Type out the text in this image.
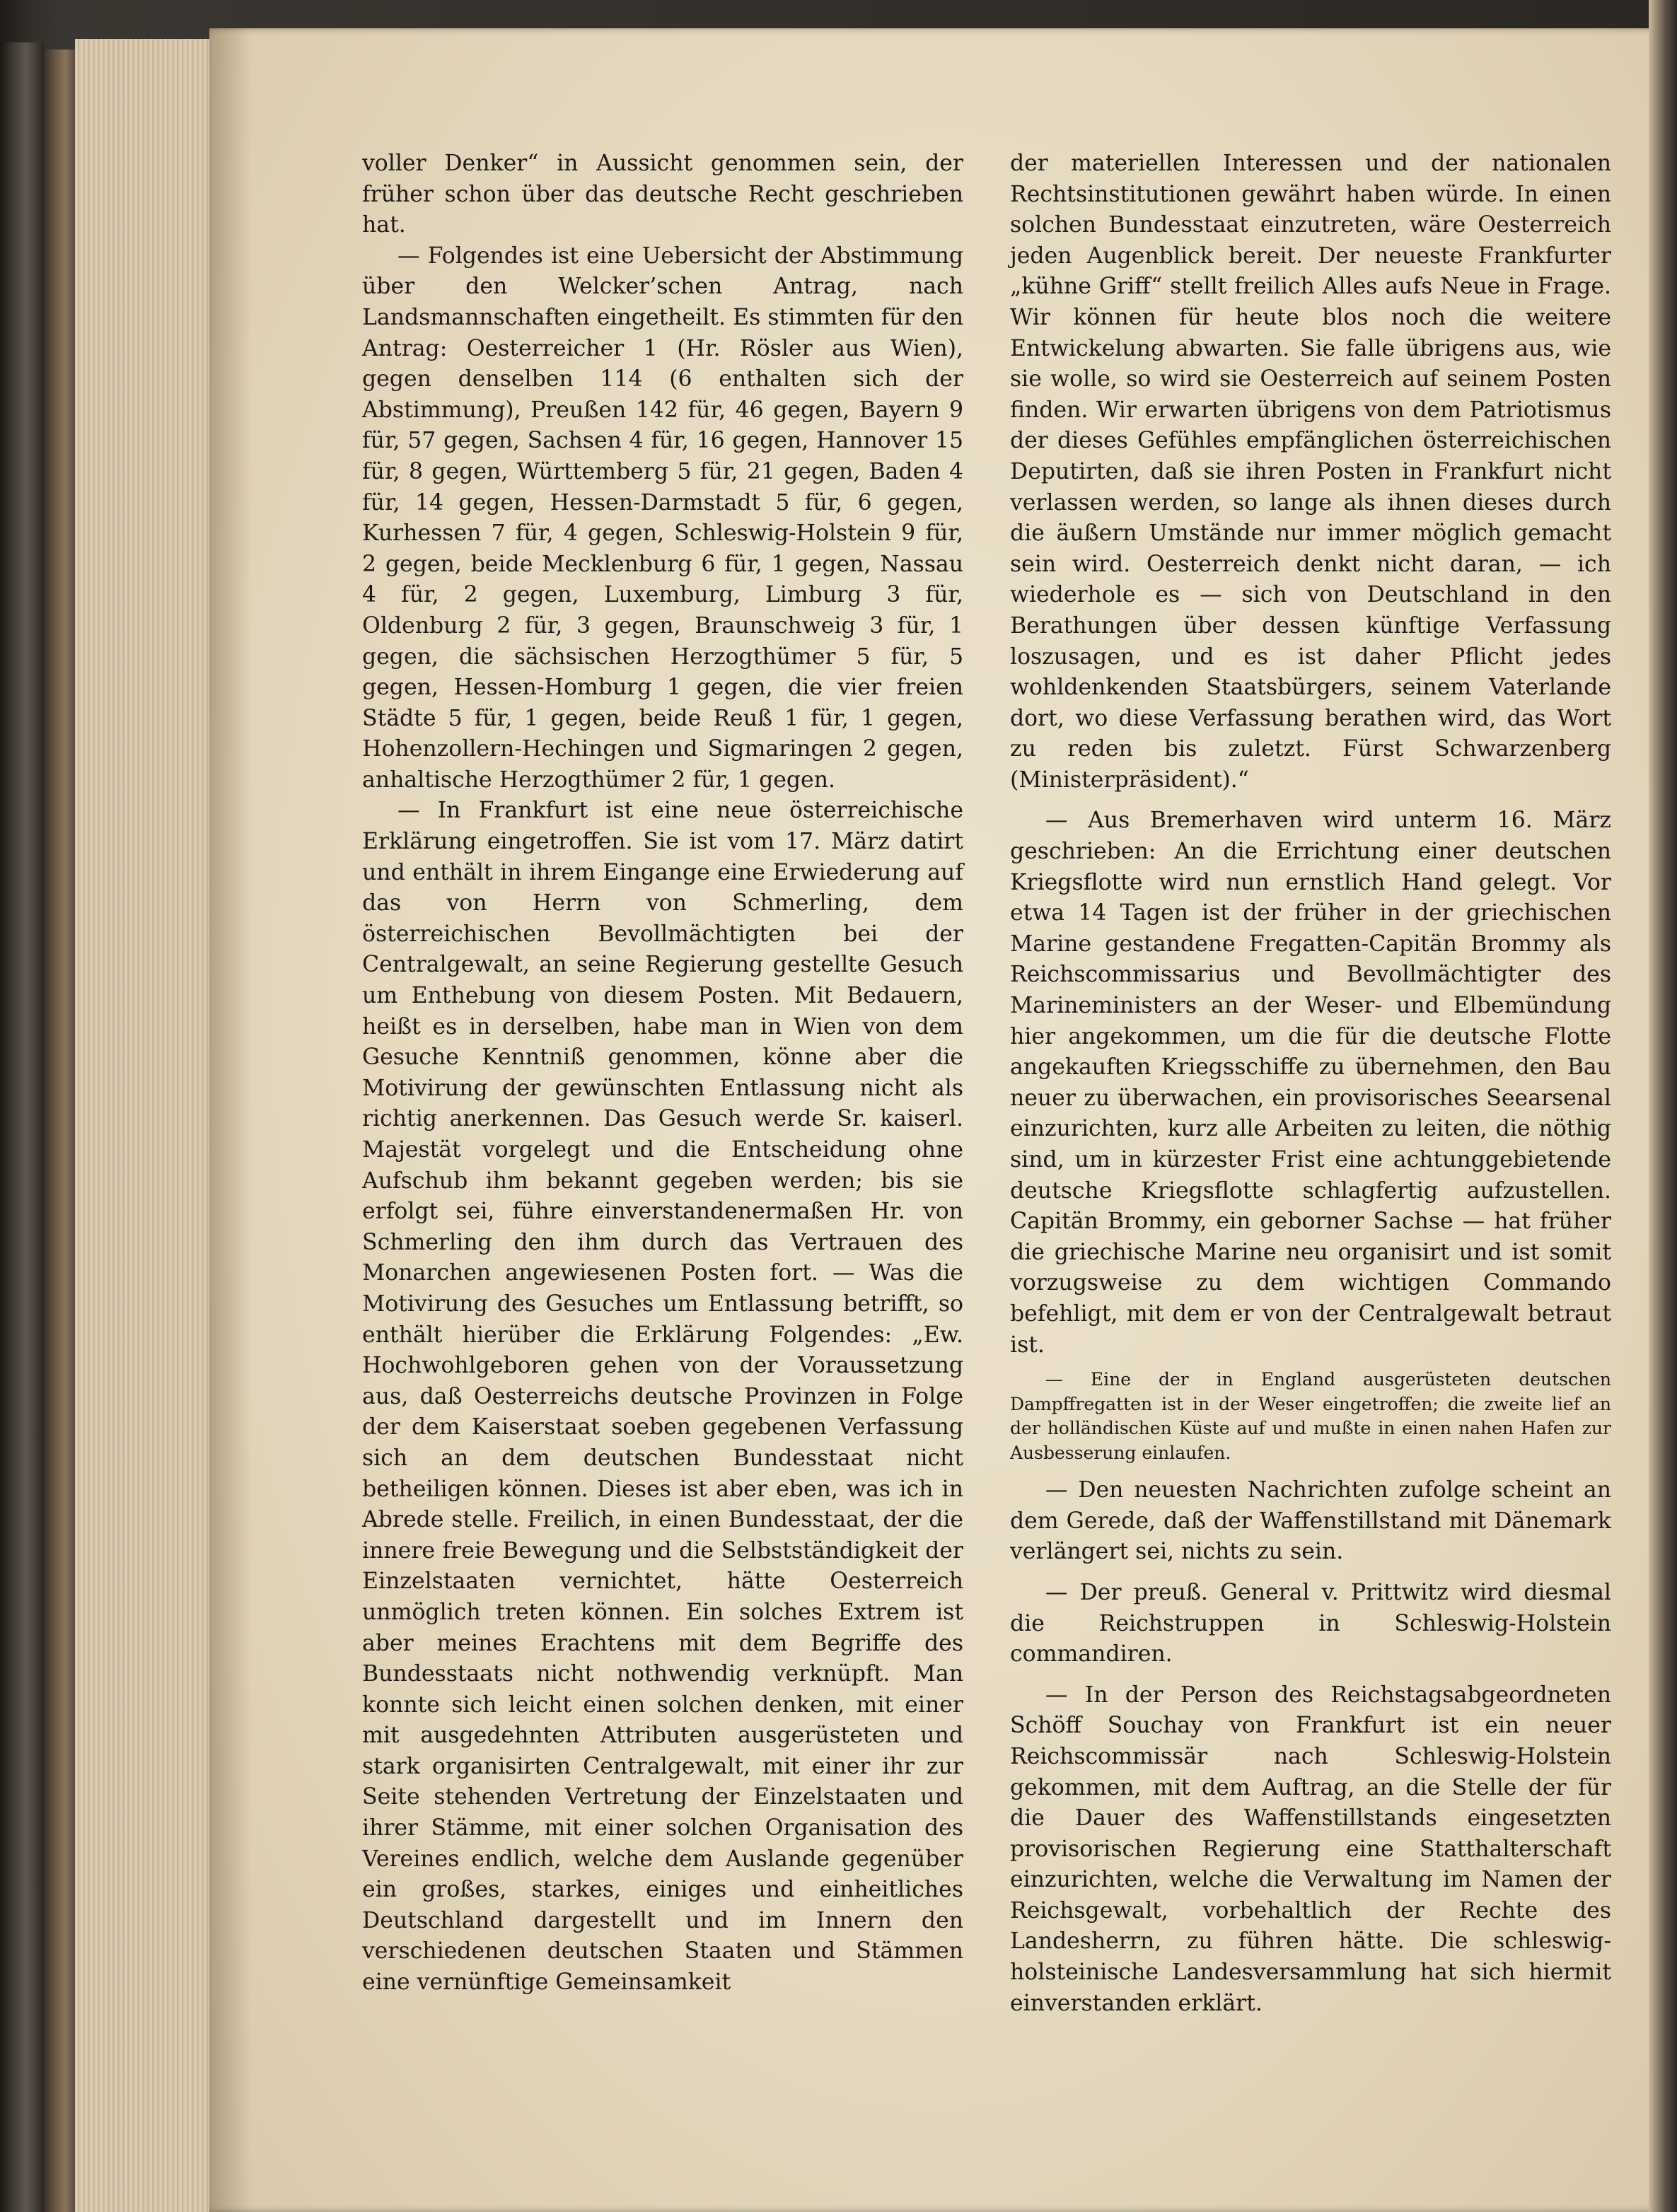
voller Denker“ in Aussicht genommen sein, der früher schon über das deutsche Recht geschrieben hat.

— Folgendes ist eine Uebersicht der Abstimmung über den Welcker’schen Antrag, nach Landsmannschaften eingetheilt. Es stimmten für den Antrag: Oesterreicher 1 (Hr. Rösler aus Wien), gegen denselben 114 (6 enthalten sich der Abstimmung), Preußen 142 für, 46 gegen, Bayern 9 für, 57 gegen, Sachsen 4 für, 16 gegen, Hannover 15 für, 8 gegen, Württemberg 5 für, 21 gegen, Baden 4 für, 14 gegen, Hessen-Darmstadt 5 für, 6 gegen, Kurhessen 7 für, 4 gegen, Schleswig-Holstein 9 für, 2 gegen, beide Mecklenburg 6 für, 1 gegen, Nassau 4 für, 2 gegen, Luxemburg, Limburg 3 für, Oldenburg 2 für, 3 gegen, Braunschweig 3 für, 1 gegen, die sächsischen Herzogthümer 5 für, 5 gegen, Hessen-Homburg 1 gegen, die vier freien Städte 5 für, 1 gegen, beide Reuß 1 für, 1 gegen, Hohenzollern-Hechingen und Sigmaringen 2 gegen, anhaltische Herzogthümer 2 für, 1 gegen.

— In Frankfurt ist eine neue österreichische Erklärung eingetroffen. Sie ist vom 17. März datirt und enthält in ihrem Eingange eine Erwiederung auf das von Herrn von Schmerling, dem österreichischen Bevollmächtigten bei der Centralgewalt, an seine Regierung gestellte Gesuch um Enthebung von diesem Posten. Mit Bedauern, heißt es in derselben, habe man in Wien von dem Gesuche Kenntniß genommen, könne aber die Motivirung der gewünschten Entlassung nicht als richtig anerkennen. Das Gesuch werde Sr. kaiserl. Majestät vorgelegt und die Entscheidung ohne Aufschub ihm bekannt gegeben werden; bis sie erfolgt sei, führe einverstandenermaßen Hr. von Schmerling den ihm durch das Vertrauen des Monarchen angewiesenen Posten fort. — Was die Motivirung des Gesuches um Entlassung betrifft, so enthält hierüber die Erklärung Folgendes: „Ew. Hochwohlgeboren gehen von der Voraussetzung aus, daß Oesterreichs deutsche Provinzen in Folge der dem Kaiserstaat soeben gegebenen Verfassung sich an dem deutschen Bundesstaat nicht betheiligen können. Dieses ist aber eben, was ich in Abrede stelle. Freilich, in einen Bundesstaat, der die innere freie Bewegung und die Selbstständigkeit der Einzelstaaten vernichtet, hätte Oesterreich unmöglich treten können. Ein solches Extrem ist aber meines Erachtens mit dem Begriffe des Bundesstaats nicht nothwendig verknüpft. Man konnte sich leicht einen solchen denken, mit einer mit ausgedehnten Attributen ausgerüsteten und stark organisirten Centralgewalt, mit einer ihr zur Seite stehenden Vertretung der Einzelstaaten und ihrer Stämme, mit einer solchen Organisation des Vereines endlich, welche dem Auslande gegenüber ein großes, starkes, einiges und einheitliches Deutschland dargestellt und im Innern den verschiedenen deutschen Staaten und Stämmen eine vernünftige Gemeinsamkeit

der materiellen Interessen und der nationalen Rechtsinstitutionen gewährt haben würde. In einen solchen Bundesstaat einzutreten, wäre Oesterreich jeden Augenblick bereit. Der neueste Frankfurter „kühne Griff“ stellt freilich Alles aufs Neue in Frage. Wir können für heute blos noch die weitere Entwickelung abwarten. Sie falle übrigens aus, wie sie wolle, so wird sie Oesterreich auf seinem Posten finden. Wir erwarten übrigens von dem Patriotismus der dieses Gefühles empfänglichen österreichischen Deputirten, daß sie ihren Posten in Frankfurt nicht verlassen werden, so lange als ihnen dieses durch die äußern Umstände nur immer möglich gemacht sein wird. Oesterreich denkt nicht daran, — ich wiederhole es — sich von Deutschland in den Berathungen über dessen künftige Verfassung loszusagen, und es ist daher Pflicht jedes wohldenkenden Staatsbürgers, seinem Vaterlande dort, wo diese Verfassung berathen wird, das Wort zu reden bis zuletzt. Fürst Schwarzenberg (Ministerpräsident).“

— Aus Bremerhaven wird unterm 16. März geschrieben: An die Errichtung einer deutschen Kriegsflotte wird nun ernstlich Hand gelegt. Vor etwa 14 Tagen ist der früher in der griechischen Marine gestandene Fregatten-Capitän Brommy als Reichscommissarius und Bevollmächtigter des Marineministers an der Weser- und Elbemündung hier angekommen, um die für die deutsche Flotte angekauften Kriegsschiffe zu übernehmen, den Bau neuer zu überwachen, ein provisorisches Seearsenal einzurichten, kurz alle Arbeiten zu leiten, die nöthig sind, um in kürzester Frist eine achtunggebietende deutsche Kriegsflotte schlagfertig aufzustellen. Capitän Brommy, ein geborner Sachse — hat früher die griechische Marine neu organisirt und ist somit vorzugsweise zu dem wichtigen Commando befehligt, mit dem er von der Centralgewalt betraut ist.

— Eine der in England ausgerüsteten deutschen Dampffregatten ist in der Weser eingetroffen; die zweite lief an der holländischen Küste auf und mußte in einen nahen Hafen zur Ausbesserung einlaufen.

— Den neuesten Nachrichten zufolge scheint an dem Gerede, daß der Waffenstillstand mit Dänemark verlängert sei, nichts zu sein.

— Der preuß. General v. Prittwitz wird diesmal die Reichstruppen in Schleswig-Holstein commandiren.

— In der Person des Reichstagsabgeordneten Schöff Souchay von Frankfurt ist ein neuer Reichscommissär nach Schleswig-Holstein gekommen, mit dem Auftrag, an die Stelle der für die Dauer des Waffenstillstands eingesetzten provisorischen Regierung eine Statthalterschaft einzurichten, welche die Verwaltung im Namen der Reichsgewalt, vorbehaltlich der Rechte des Landesherrn, zu führen hätte. Die schleswig-holsteinische Landesversammlung hat sich hiermit einverstanden erklärt.
